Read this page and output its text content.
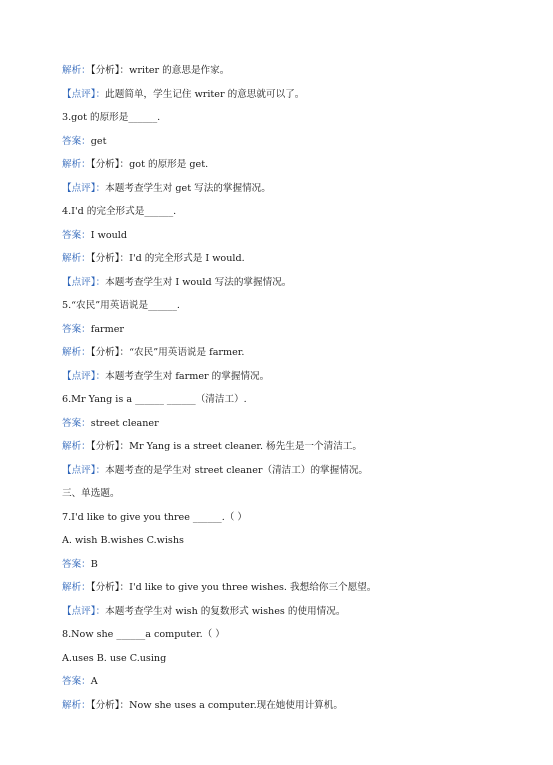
解析：【分析】：writer 的意思是作家。
【点评】：此题简单，学生记住 writer 的意思就可以了。
3.got 的原形是______.
答案：get
解析：【分析】：got 的原形是 get.
【点评】：本题考查学生对 get 写法的掌握情况。
4.I'd 的完全形式是______.
答案：I would
解析：【分析】：I'd 的完全形式是 I would.
【点评】：本题考查学生对 I would 写法的掌握情况。
5.“农民”用英语说是______.
答案：farmer
解析：【分析】：“农民”用英语说是 farmer.
【点评】：本题考查学生对 farmer 的掌握情况。
6.Mr Yang is a ______ ______（清洁工）.
答案：street cleaner
解析：【分析】：Mr Yang is a street cleaner. 杨先生是一个清洁工。
【点评】：本题考查的是学生对 street cleaner（清洁工）的掌握情况。
三、单选题。
7.I'd like to give you three ______.（ ）
A. wish B.wishes C.wishs
答案：B
解析：【分析】：I'd like to give you three wishes. 我想给你三个愿望。
【点评】：本题考查学生对 wish 的复数形式 wishes 的使用情况。
8.Now she ______a computer.（ ）
A.uses B. use C.using
答案：A
解析：【分析】：Now she uses a computer.现在她使用计算机。
